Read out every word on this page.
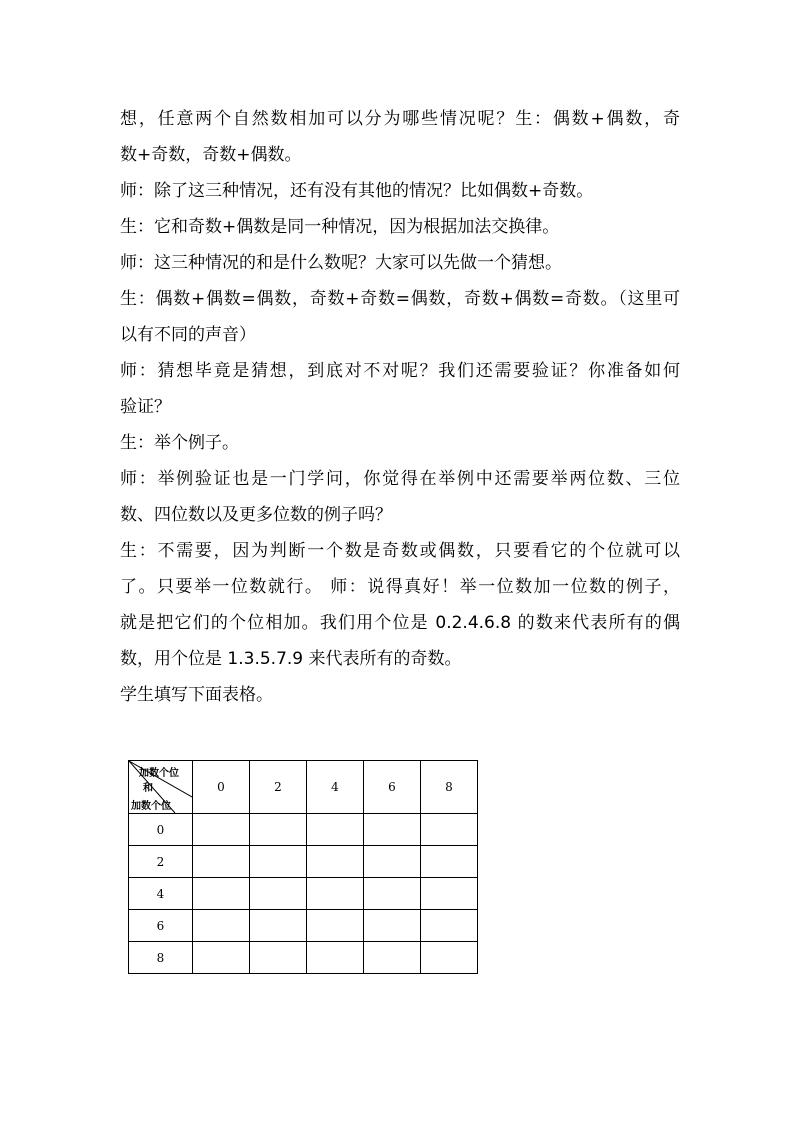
想，任意两个自然数相加可以分为哪些情况呢？生：偶数+偶数，奇
数+奇数，奇数+偶数。
师：除了这三种情况，还有没有其他的情况？比如偶数+奇数。
生：它和奇数+偶数是同一种情况，因为根据加法交换律。
师：这三种情况的和是什么数呢？大家可以先做一个猜想。
生：偶数+偶数=偶数，奇数+奇数=偶数，奇数+偶数=奇数。（这里可
以有不同的声音）
师：猜想毕竟是猜想，到底对不对呢？我们还需要验证？你准备如何
验证？
生：举个例子。
师：举例验证也是一门学问，你觉得在举例中还需要举两位数、三位
数、四位数以及更多位数的例子吗？
生：不需要，因为判断一个数是奇数或偶数，只要看它的个位就可以
了。只要举一位数就行。 师：说得真好！举一位数加一位数的例子，
就是把它们的个位相加。我们用个位是 0.2.4.6.8 的数来代表所有的偶
数，用个位是 1.3.5.7.9 来代表所有的奇数。
学生填写下面表格。
加数个位
和
加数个位	0	2	4	6	8
0					
2					
4					
6					
8					
